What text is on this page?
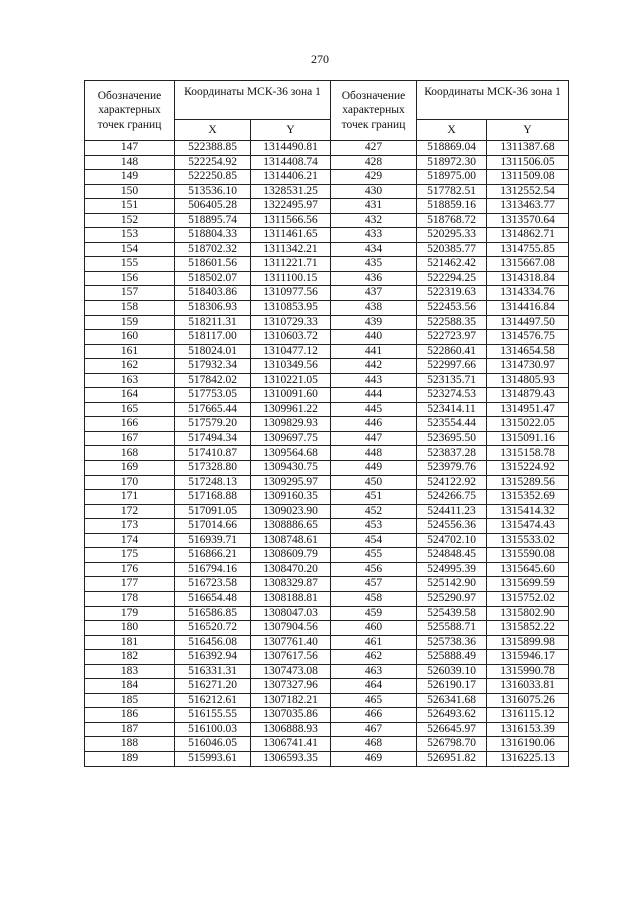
270
Обозначение характерных точек границ	Координаты МСК-36 зона 1		Обозначение характерных точек границ	Координаты МСК-36 зона 1	
	X	Y		X	Y
147	522388.85	1314490.81	427	518869.04	1311387.68
148	522254.92	1314408.74	428	518972.30	1311506.05
149	522250.85	1314406.21	429	518975.00	1311509.08
150	513536.10	1328531.25	430	517782.51	1312552.54
151	506405.28	1322495.97	431	518859.16	1313463.77
152	518895.74	1311566.56	432	518768.72	1313570.64
153	518804.33	1311461.65	433	520295.33	1314862.71
154	518702.32	1311342.21	434	520385.77	1314755.85
155	518601.56	1311221.71	435	521462.42	1315667.08
156	518502.07	1311100.15	436	522294.25	1314318.84
157	518403.86	1310977.56	437	522319.63	1314334.76
158	518306.93	1310853.95	438	522453.56	1314416.84
159	518211.31	1310729.33	439	522588.35	1314497.50
160	518117.00	1310603.72	440	522723.97	1314576.75
161	518024.01	1310477.12	441	522860.41	1314654.58
162	517932.34	1310349.56	442	522997.66	1314730.97
163	517842.02	1310221.05	443	523135.71	1314805.93
164	517753.05	1310091.60	444	523274.53	1314879.43
165	517665.44	1309961.22	445	523414.11	1314951.47
166	517579.20	1309829.93	446	523554.44	1315022.05
167	517494.34	1309697.75	447	523695.50	1315091.16
168	517410.87	1309564.68	448	523837.28	1315158.78
169	517328.80	1309430.75	449	523979.76	1315224.92
170	517248.13	1309295.97	450	524122.92	1315289.56
171	517168.88	1309160.35	451	524266.75	1315352.69
172	517091.05	1309023.90	452	524411.23	1315414.32
173	517014.66	1308886.65	453	524556.36	1315474.43
174	516939.71	1308748.61	454	524702.10	1315533.02
175	516866.21	1308609.79	455	524848.45	1315590.08
176	516794.16	1308470.20	456	524995.39	1315645.60
177	516723.58	1308329.87	457	525142.90	1315699.59
178	516654.48	1308188.81	458	525290.97	1315752.02
179	516586.85	1308047.03	459	525439.58	1315802.90
180	516520.72	1307904.56	460	525588.71	1315852.22
181	516456.08	1307761.40	461	525738.36	1315899.98
182	516392.94	1307617.56	462	525888.49	1315946.17
183	516331.31	1307473.08	463	526039.10	1315990.78
184	516271.20	1307327.96	464	526190.17	1316033.81
185	516212.61	1307182.21	465	526341.68	1316075.26
186	516155.55	1307035.86	466	526493.62	1316115.12
187	516100.03	1306888.93	467	526645.97	1316153.39
188	516046.05	1306741.41	468	526798.70	1316190.06
189	515993.61	1306593.35	469	526951.82	1316225.13
